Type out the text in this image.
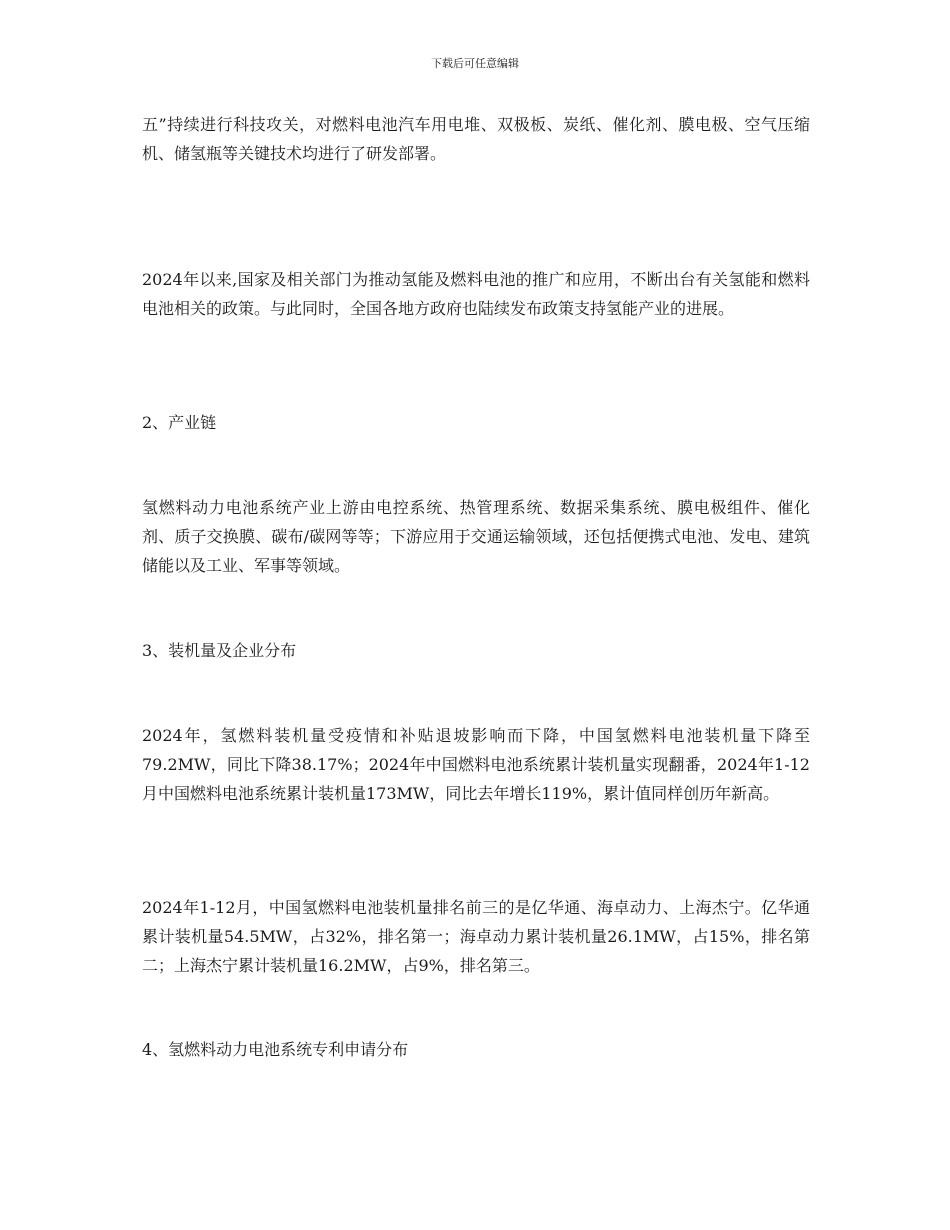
下载后可任意编辑

五”持续进行科技攻关，对燃料电池汽车用电堆、双极板、炭纸、催化剂、膜电极、空气压缩机、储氢瓶等关键技术均进行了研发部署。

2024年以来,国家及相关部门为推动氢能及燃料电池的推广和应用，不断出台有关氢能和燃料电池相关的政策。与此同时，全国各地方政府也陆续发布政策支持氢能产业的进展。

2、产业链

氢燃料动力电池系统产业上游由电控系统、热管理系统、数据采集系统、膜电极组件、催化剂、质子交换膜、碳布/碳网等等；下游应用于交通运输领域，还包括便携式电池、发电、建筑储能以及工业、军事等领域。

3、装机量及企业分布

2024年，氢燃料装机量受疫情和补贴退坡影响而下降，中国氢燃料电池装机量下降至79.2MW，同比下降38.17%；2024年中国燃料电池系统累计装机量实现翻番，2024年1-12月中国燃料电池系统累计装机量173MW，同比去年增长119%，累计值同样创历年新高。

2024年1-12月，中国氢燃料电池装机量排名前三的是亿华通、海卓动力、上海杰宁。亿华通累计装机量54.5MW，占32%，排名第一；海卓动力累计装机量26.1MW，占15%，排名第二；上海杰宁累计装机量16.2MW，占9%，排名第三。

4、氢燃料动力电池系统专利申请分布
